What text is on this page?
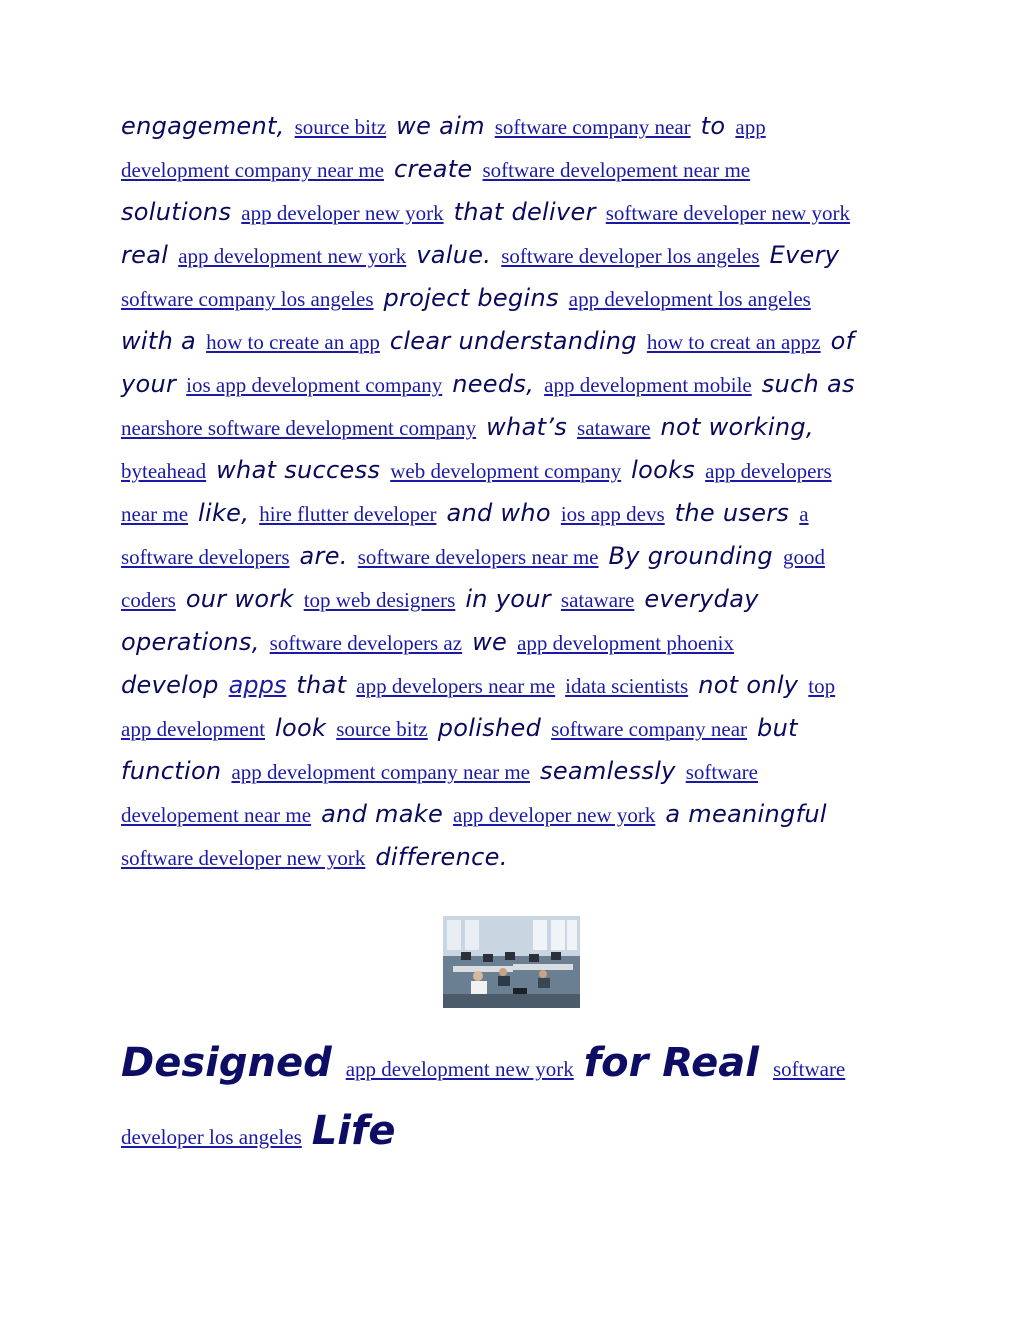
engagement, source bitz we aim software company near to app
development company near me create software developement near me
solutions app developer new york that deliver software developer new york
real app development new york value. software developer los angeles Every
software company los angeles project begins app development los angeles
with a how to create an app clear understanding how to creat an appz of
your ios app development company needs, app development mobile such as
nearshore software development company what’s sataware not working,
byteahead what success web development company looks app developers
near me like, hire flutter developer and who ios app devs the users a
software developers are. software developers near me By grounding good
coders our work top web designers in your sataware everyday
operations, software developers az we app development phoenix
develop apps that app developers near me idata scientists not only top
app development look source bitz polished software company near but
function app development company near me seamlessly software
developement near me and make app developer new york a meaningful
software developer new york difference.
Designed app development new york for Real software
developer los angeles Life
